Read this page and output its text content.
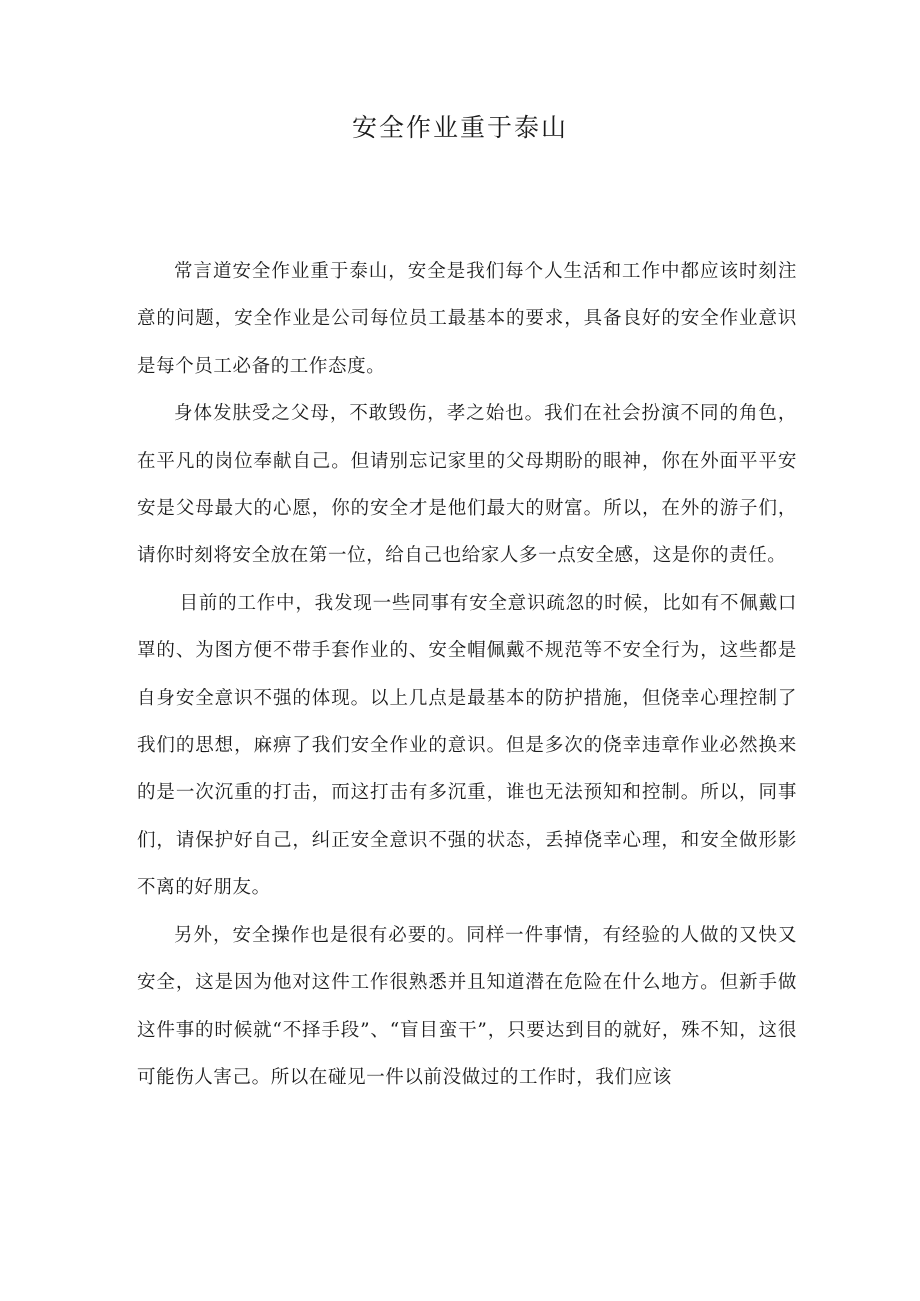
安全作业重于泰山

常言道安全作业重于泰山，安全是我们每个人生活和工作中都应该时刻注意的问题，安全作业是公司每位员工最基本的要求，具备良好的安全作业意识是每个员工必备的工作态度。

身体发肤受之父母，不敢毁伤，孝之始也。我们在社会扮演不同的角色，在平凡的岗位奉献自己。但请别忘记家里的父母期盼的眼神，你在外面平平安安是父母最大的心愿，你的安全才是他们最大的财富。所以，在外的游子们，请你时刻将安全放在第一位，给自己也给家人多一点安全感，这是你的责任。

目前的工作中，我发现一些同事有安全意识疏忽的时候，比如有不佩戴口罩的、为图方便不带手套作业的、安全帽佩戴不规范等不安全行为，这些都是自身安全意识不强的体现。以上几点是最基本的防护措施，但侥幸心理控制了我们的思想，麻痹了我们安全作业的意识。但是多次的侥幸违章作业必然换来的是一次沉重的打击，而这打击有多沉重，谁也无法预知和控制。所以，同事们，请保护好自己，纠正安全意识不强的状态，丢掉侥幸心理，和安全做形影不离的好朋友。

另外，安全操作也是很有必要的。同样一件事情，有经验的人做的又快又安全，这是因为他对这件工作很熟悉并且知道潜在危险在什么地方。但新手做这件事的时候就“不择手段”、“盲目蛮干”，只要达到目的就好，殊不知，这很可能伤人害己。所以在碰见一件以前没做过的工作时，我们应该
